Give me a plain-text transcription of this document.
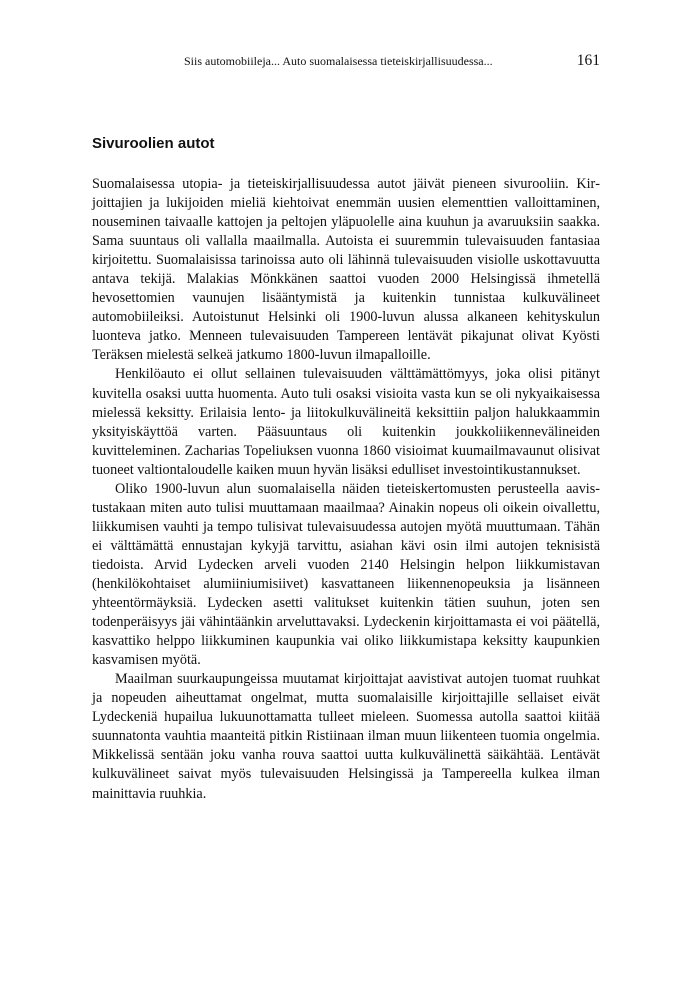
Siis automobiileja... Auto suomalaisessa tieteiskirjallisuudessa...	161
Sivuroolien autot

Suomalaisessa utopia- ja tieteiskirjallisuudessa autot jäivät pieneen sivurooliin. Kirjoittajien ja lukijoiden mieliä kiehtoivat enemmän uusien elementtien valloittaminen, nouseminen taivaalle kattojen ja peltojen yläpuolelle aina kuuhun ja avaruuksiin saakka. Sama suuntaus oli vallalla maailmalla. Autoista ei suuremmin tulevaisuuden fantasiaa kirjoitettu. Suomalaisissa tarinoissa auto oli lähinnä tulevaisuuden visiolle uskottavuutta antava tekijä. Malakias Mönkkänen saattoi vuoden 2000 Helsingissä ihmetellä hevosettomien vaunujen lisääntymistä ja kuitenkin tunnistaa kulkuvälineet automobiileiksi. Autoistunut Helsinki oli 1900-luvun alussa alkaneen kehityskulun luonteva jatko. Menneen tulevaisuuden Tampereen lentävät pikajunat olivat Kyösti Teräksen mielestä selkeä jatkumo 1800-luvun ilmapalloille.

Henkilöauto ei ollut sellainen tulevaisuuden välttämättömyys, joka olisi pitänyt kuvitella osaksi uutta huomenta. Auto tuli osaksi visioita vasta kun se oli nykyaikaisessa mielessä keksitty. Erilaisia lento- ja liitokulkuvälineitä keksittiin paljon halukkaammin yksityiskäyttöä varten. Pääsuuntaus oli kuitenkin joukkoliikennevälineiden kuvitteleminen. Zacharias Topeliuksen vuonna 1860 visioimat kuumailmavaunut olisivat tuoneet valtiontaloudelle kaiken muun hyvän lisäksi edulliset investointikustannukset.

Oliko 1900-luvun alun suomalaisella näiden tieteiskertomusten perusteella aavistustakaan miten auto tulisi muuttamaan maailmaa? Ainakin nopeus oli oikein oivallettu, liikkumisen vauhti ja tempo tulisivat tulevaisuudessa autojen myötä muuttumaan. Tähän ei välttämättä ennustajan kykyjä tarvittu, asiahan kävi osin ilmi autojen teknisistä tiedoista. Arvid Lydecken arveli vuoden 2140 Helsingin helpon liikkumistavan (henkilökohtaiset alumiiniumisiivet) kasvattaneen liikennenopeuksia ja lisänneen yhteentörmäyksiä. Lydecken asetti valitukset kuitenkin tätien suuhun, joten sen todenperäisyys jäi vähintäänkin arveluttavaksi. Lydeckenin kirjoittamasta ei voi päätellä, kasvattiko helppo liikkuminen kaupunkia vai oliko liikkumistapa keksitty kaupunkien kasvamisen myötä.

Maailman suurkaupungeissa muutamat kirjoittajat aavistivat autojen tuomat ruuhkat ja nopeuden aiheuttamat ongelmat, mutta suomalaisille kirjoittajille sellaiset eivät Lydeckeniä hupailua lukuunottamatta tulleet mieleen. Suomessa autolla saattoi kiitää suunnatonta vauhtia maanteitä pitkin Ristiinaan ilman muun liikenteen tuomia ongelmia. Mikkelissä sentään joku vanha rouva saattoi uutta kulkuvälinettä säikähtää. Lentävät kulkuvälineet saivat myös tulevaisuuden Helsingissä ja Tampereella kulkea ilman mainittavia ruuhkia.
